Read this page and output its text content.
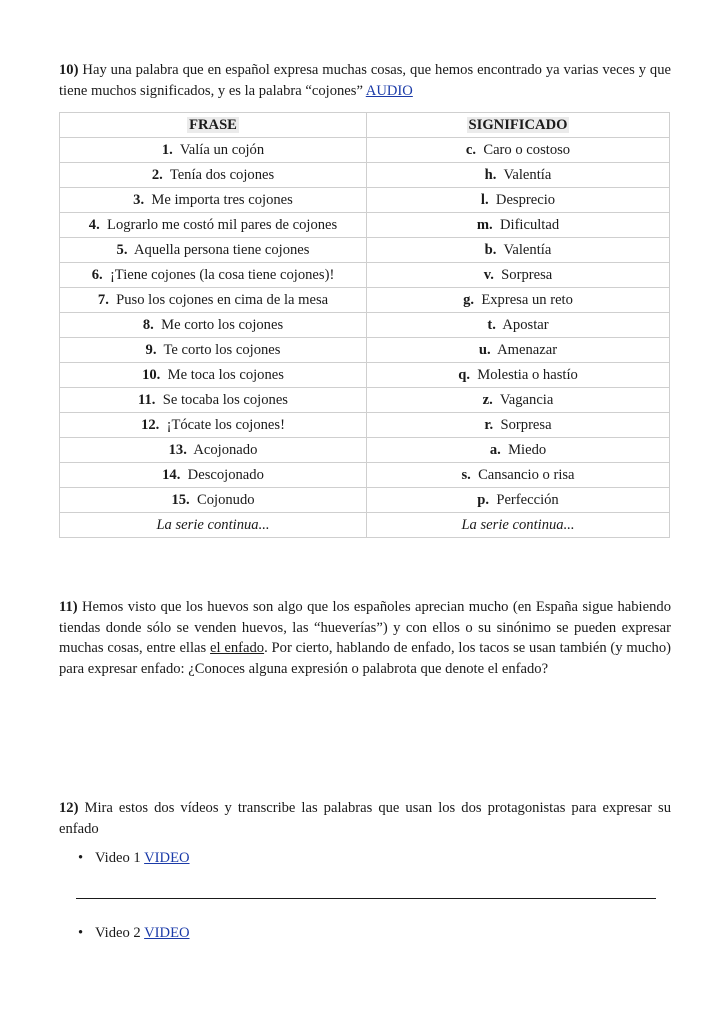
10) Hay una palabra que en español expresa muchas cosas, que hemos encontrado ya varias veces y que tiene muchos significados, y es la palabra “cojones” AUDIO
FRASE	SIGNIFICADO
1. Valía un cojón	c. Caro o costoso
2. Tenía dos cojones	h. Valentía
3. Me importa tres cojones	l. Desprecio
4. Lograrlo me costó mil pares de cojones	m. Dificultad
5. Aquella persona tiene cojones	b. Valentía
6. ¡Tiene cojones (la cosa tiene cojones)!	v. Sorpresa
7. Puso los cojones en cima de la mesa	g. Expresa un reto
8. Me corto los cojones	t. Apostar
9. Te corto los cojones	u. Amenazar
10. Me toca los cojones	q. Molestia o hastío
11. Se tocaba los cojones	z. Vagancia
12. ¡Tócate los cojones!	r. Sorpresa
13. Acojonado	a. Miedo
14. Descojonado	s. Cansancio o risa
15. Cojonudo	p. Perfección
La serie continua...	La serie continua...
11) Hemos visto que los huevos son algo que los españoles aprecian mucho (en España sigue habiendo tiendas donde sólo se venden huevos, las “hueverías”) y con ellos o su sinónimo se pueden expresar muchas cosas, entre ellas el enfado. Por cierto, hablando de enfado, los tacos se usan también (y mucho) para expresar enfado: ¿Conoces alguna expresión o palabrota que denote el enfado?
12) Mira estos dos vídeos y transcribe las palabras que usan los dos protagonistas para expresar su enfado
• Video 1 VIDEO
• Video 2 VIDEO
